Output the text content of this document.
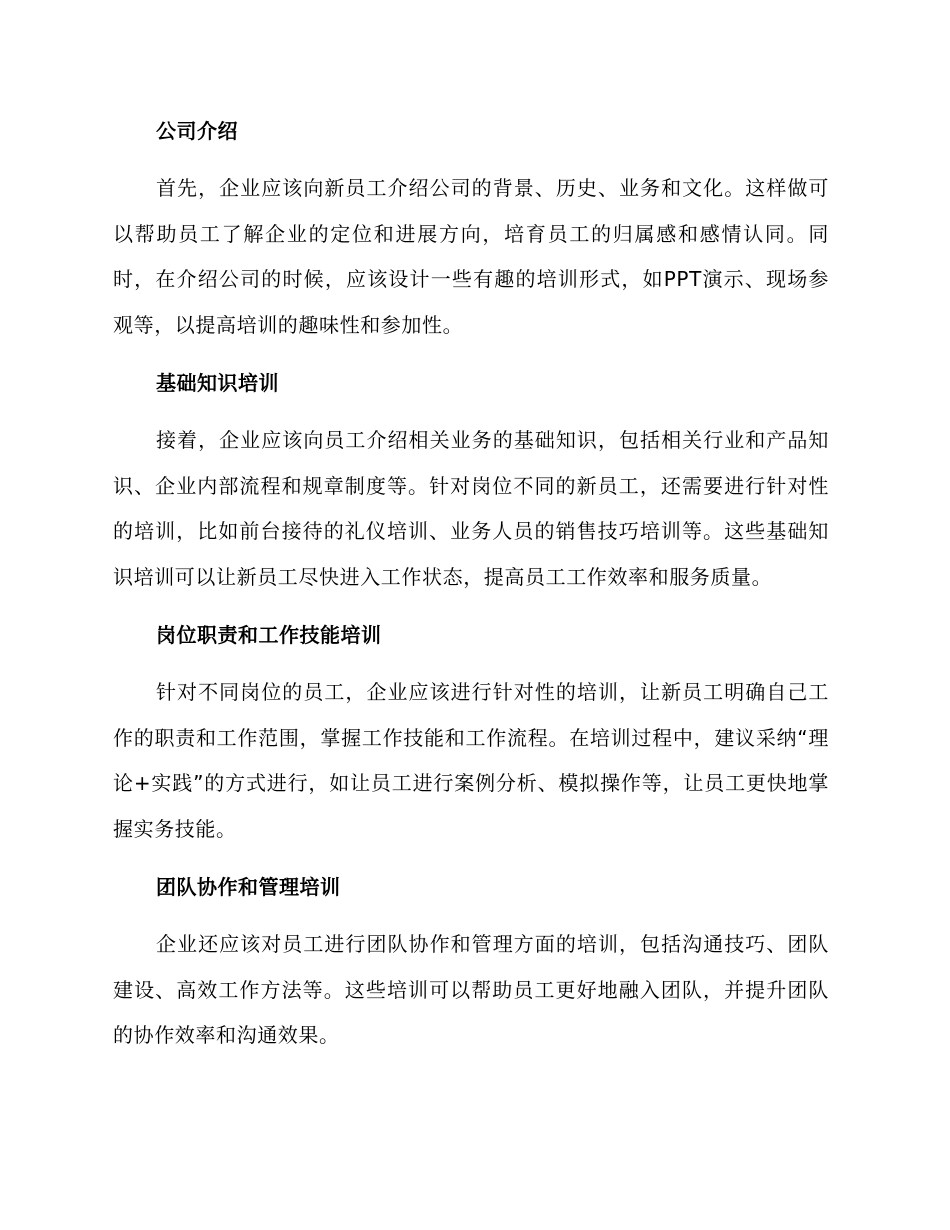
公司介绍

首先，企业应该向新员工介绍公司的背景、历史、业务和文化。这样做可以帮助员工了解企业的定位和进展方向，培育员工的归属感和感情认同。同时，在介绍公司的时候，应该设计一些有趣的培训形式，如PPT演示、现场参观等，以提高培训的趣味性和参加性。

基础知识培训

接着，企业应该向员工介绍相关业务的基础知识，包括相关行业和产品知识、企业内部流程和规章制度等。针对岗位不同的新员工，还需要进行针对性的培训，比如前台接待的礼仪培训、业务人员的销售技巧培训等。这些基础知识培训可以让新员工尽快进入工作状态，提高员工工作效率和服务质量。

岗位职责和工作技能培训

针对不同岗位的员工，企业应该进行针对性的培训，让新员工明确自己工作的职责和工作范围，掌握工作技能和工作流程。在培训过程中，建议采纳“理论+实践”的方式进行，如让员工进行案例分析、模拟操作等，让员工更快地掌握实务技能。

团队协作和管理培训

企业还应该对员工进行团队协作和管理方面的培训，包括沟通技巧、团队建设、高效工作方法等。这些培训可以帮助员工更好地融入团队，并提升团队的协作效率和沟通效果。
